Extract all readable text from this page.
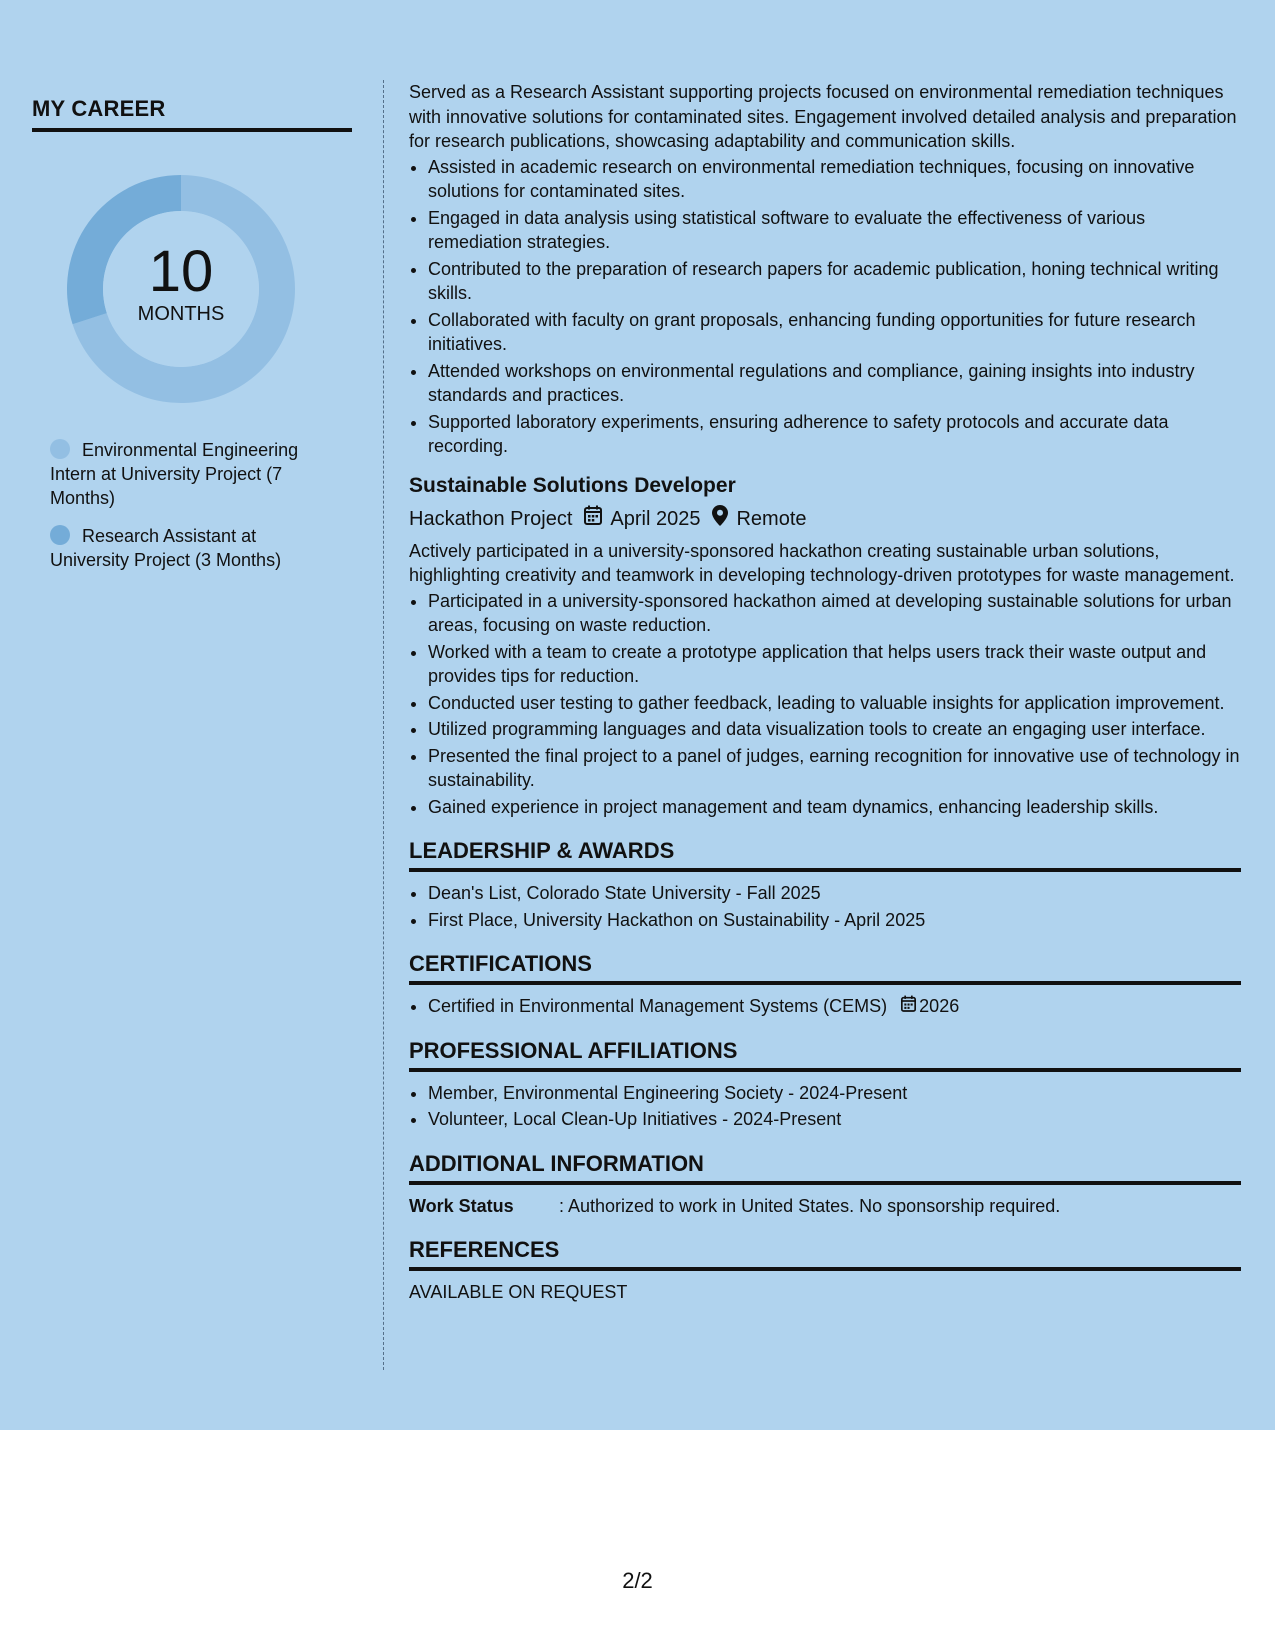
MY CAREER
10
MONTHS
Environmental Engineering Intern at University Project (7 Months)
Research Assistant at University Project (3 Months)

Served as a Research Assistant supporting projects focused on environmental remediation techniques with innovative solutions for contaminated sites. Engagement involved detailed analysis and preparation for research publications, showcasing adaptability and communication skills.

• Assisted in academic research on environmental remediation techniques, focusing on innovative solutions for contaminated sites.
• Engaged in data analysis using statistical software to evaluate the effectiveness of various remediation strategies.
• Contributed to the preparation of research papers for academic publication, honing technical writing skills.
• Collaborated with faculty on grant proposals, enhancing funding opportunities for future research initiatives.
• Attended workshops on environmental regulations and compliance, gaining insights into industry standards and practices.
• Supported laboratory experiments, ensuring adherence to safety protocols and accurate data recording.
Sustainable Solutions Developer
Hackathon Project April 2025 Remote

Actively participated in a university-sponsored hackathon creating sustainable urban solutions, highlighting creativity and teamwork in developing technology-driven prototypes for waste management.

• Participated in a university-sponsored hackathon aimed at developing sustainable solutions for urban areas, focusing on waste reduction.
• Worked with a team to create a prototype application that helps users track their waste output and provides tips for reduction.
• Conducted user testing to gather feedback, leading to valuable insights for application improvement.
• Utilized programming languages and data visualization tools to create an engaging user interface.
• Presented the final project to a panel of judges, earning recognition for innovative use of technology in sustainability.
• Gained experience in project management and team dynamics, enhancing leadership skills.
LEADERSHIP & AWARDS
• Dean's List, Colorado State University - Fall 2025
• First Place, University Hackathon on Sustainability - April 2025
CERTIFICATIONS
• Certified in Environmental Management Systems (CEMS) 2026
PROFESSIONAL AFFILIATIONS
• Member, Environmental Engineering Society - 2024-Present
• Volunteer, Local Clean-Up Initiatives - 2024-Present
ADDITIONAL INFORMATION
Work Status	: Authorized to work in United States. No sponsorship required.
REFERENCES
AVAILABLE ON REQUEST
2/2
